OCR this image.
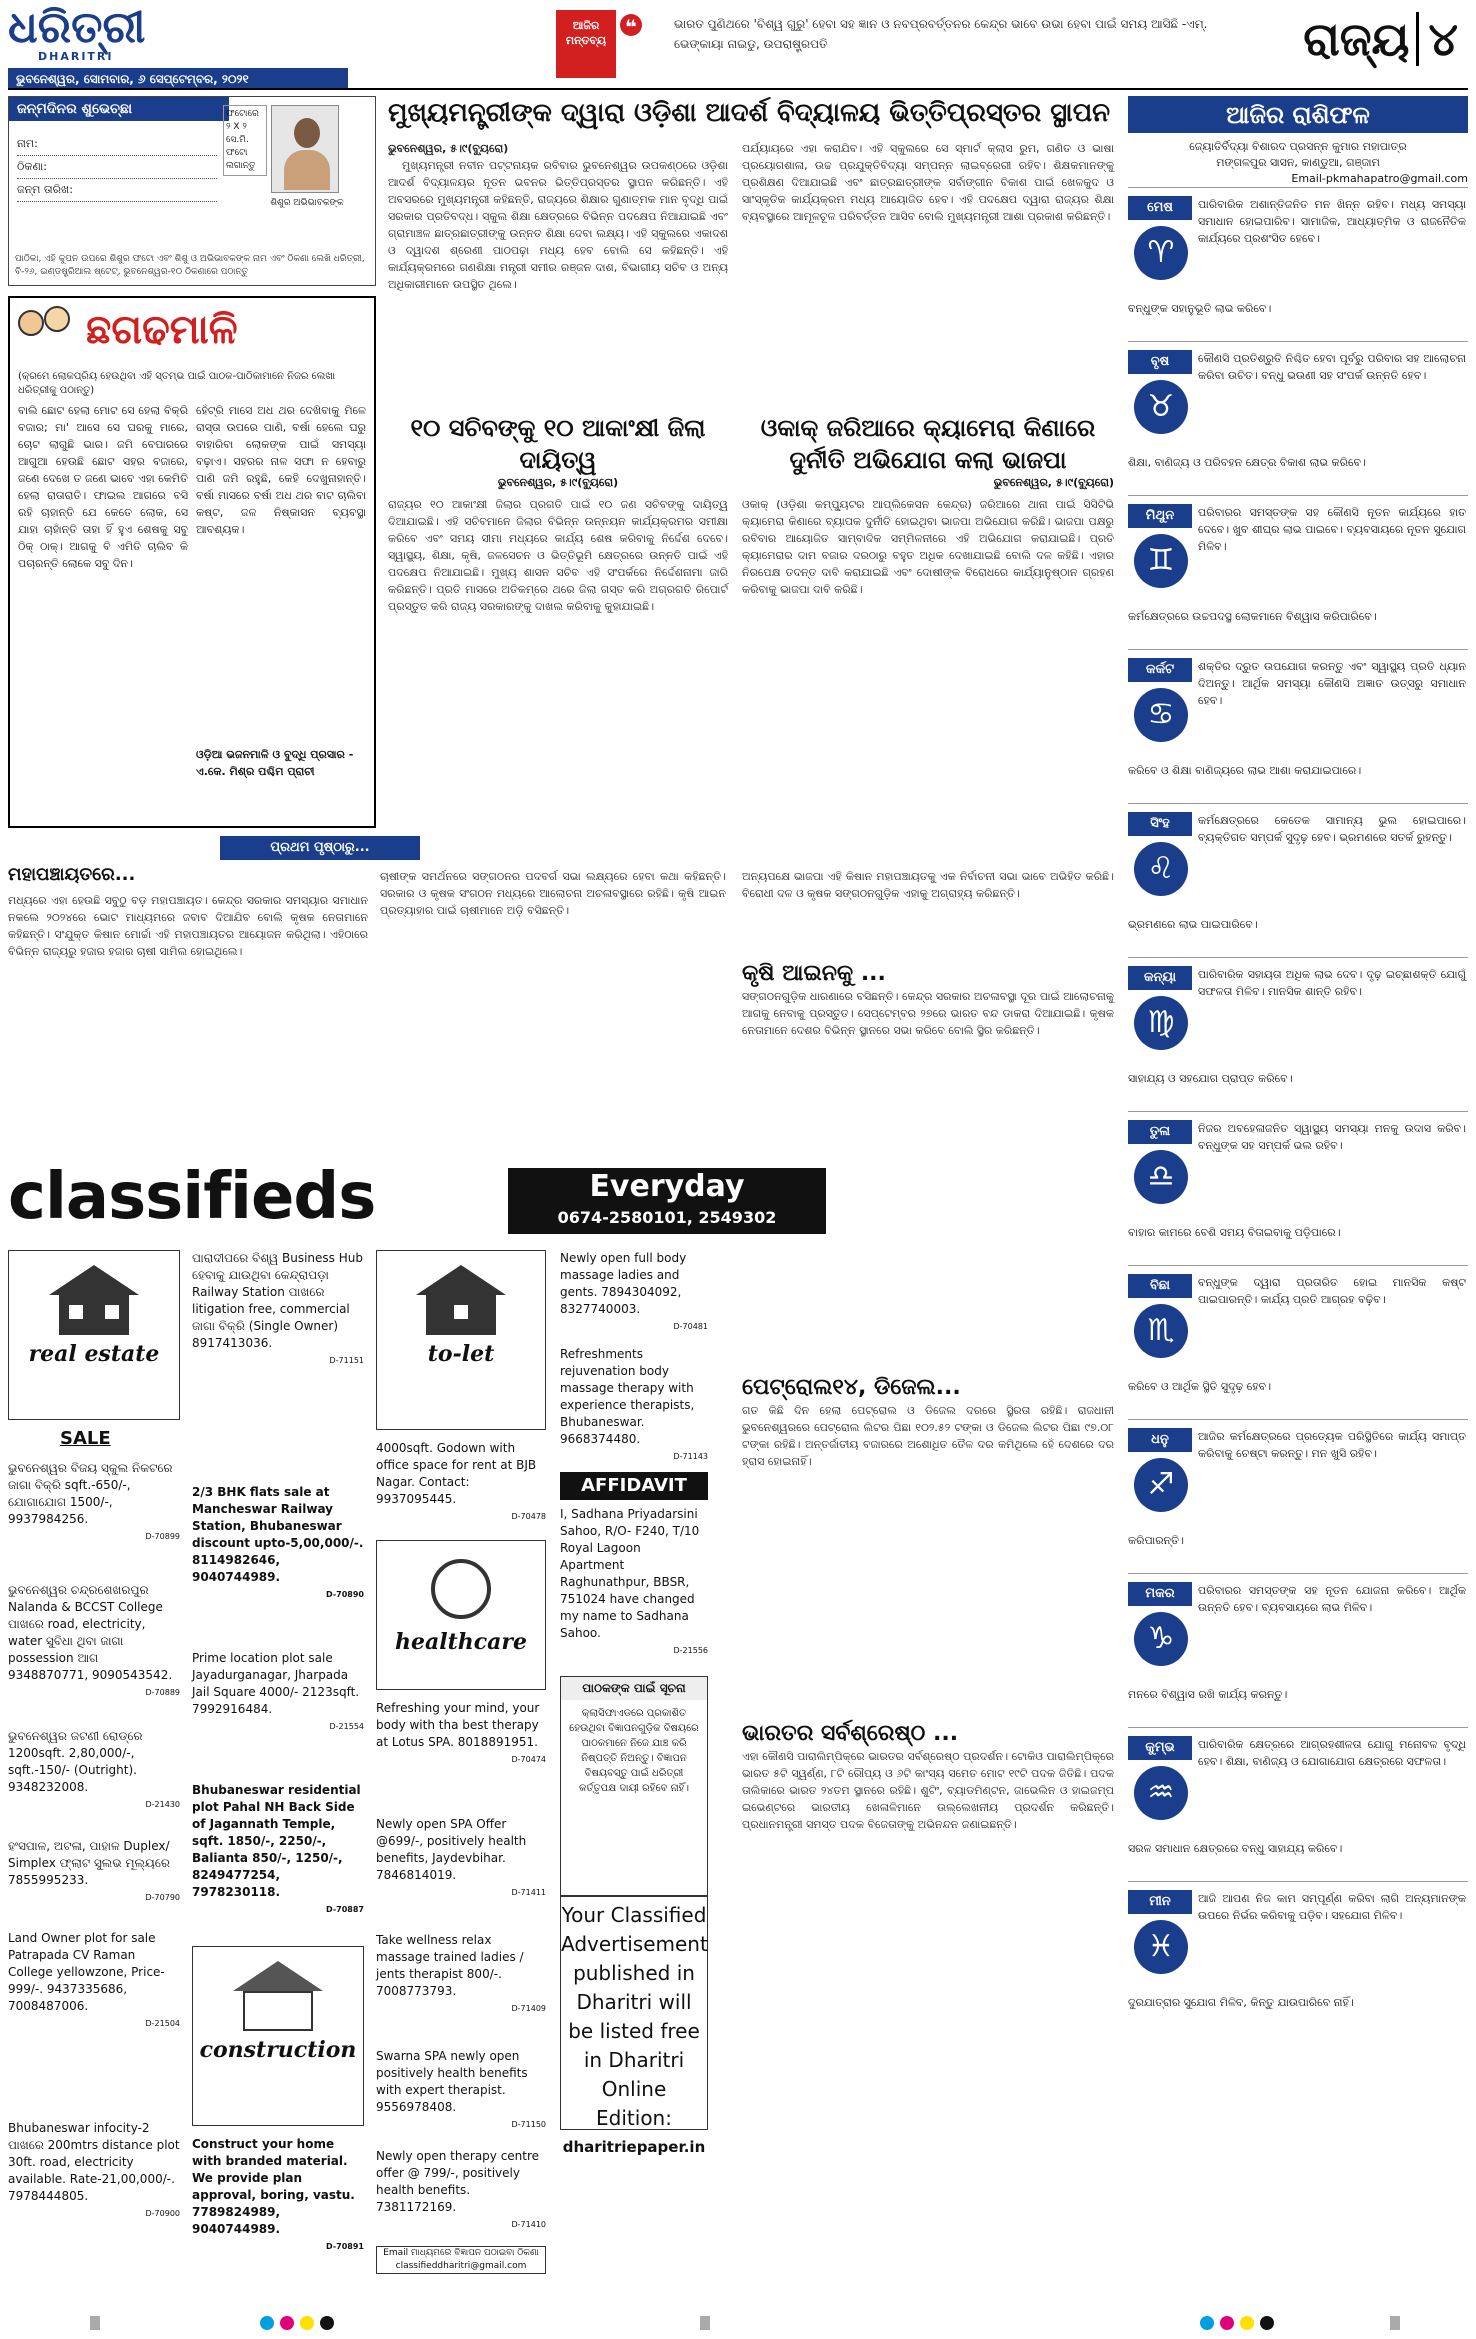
ଧରିତ୍ରୀ
DHARITRI
ଭୁବନେଶ୍ୱର, ସୋମବାର, ୬ ସେପ୍ଟେମ୍ବର, ୨୦୨୧
ଆଜିର ମନ୍ତବ୍ୟ
❝	ଭାରତ ପୁଣିଥରେ 'ବିଶ୍ୱ ଗୁରୁ' ହେବା ସହ ଜ୍ଞାନ ଓ ନବପ୍ରବର୍ତ୍ତନର କେନ୍ଦ୍ର ଭାବେ ଉଭା ହେବା ପାଇଁ ସମୟ ଆସିଛି -ଏମ୍. ଭେଙ୍କାୟା ନାଇଡୁ, ଉପରାଷ୍ଟ୍ରପତି	ରାଜ୍ୟ ୪
ଜନ୍ମଦିନର ଶୁଭେଚ୍ଛା
ନାମ:
ଠିକଣା:
ଜନ୍ମ ତାରିଖ:
ଫଟୋରେ ୨ X ୨ ସେ.ମି. ଫଟୋ ଲଗାନ୍ତୁ
ଶିଶୁର ଅଭିଭାବକଙ୍କ
ପାଠିକା, ଏହି କୁପନ ଉପରେ ଶିଶୁର ଫଟୋ ଏବଂ ଶିଶୁ ଓ ଅଭିଭାବକଙ୍କ ନାମ ଏବଂ ଠିକଣା ଲେଖି ଧରିତ୍ରୀ, ବି-୨୬, ଇଣ୍ଡଷ୍ଟ୍ରିଆଲ ଷ୍ଟେଟ୍, ଭୁବନେଶ୍ୱର-୧୦ ଠିକଣାରେ ପଠାନ୍ତୁ
ଛଗଢମାଳି
(କ୍ରମେ ଲୋକପ୍ରିୟ ହେଉଥିବା ଏହି ସ୍ତମ୍ଭ ପାଇଁ ପାଠକ-ପାଠିକାମାନେ ନିଜର ଲେଖା ଧରିତ୍ରୀକୁ ପଠାନ୍ତୁ)
ବାଲି ଛୋଟ ହେଲା ମୋଟ ସେ ହେଲା ବିକ୍ରି ବଜାର; ମା' ଆସେ ସେ ଘରକୁ ମାରେ, ଚୋଟ ଲାଗୁଛି ଭାର। ଜମି ବେପାରରେ ଆଗୁଆ ହେଉଛି ଛୋଟ ସହର ବଜାରେ, ଜଣେ ଦେଖେ ତ ଜଣେ ଭାବେ ଏହା କେମିତି ହେଲା ରାତାରାତି। ଫାଇଲ ଆଗରେ ବସି ରହି ଚାହାନ୍ତି ଯେ କେତେ ଲୋକ, ସେ ଯାହା ଚାହାଁନ୍ତି ତାହା ହିଁ ହୁଏ ଶେଷକୁ ସବୁ ଠିକ୍ ଠାକ୍। ଆଗକୁ ବି ଏମିତି ଚାଲିବ କି ପଚାରନ୍ତି ଲୋକେ ସବୁ ଦିନ।
ହେଁଟ୍ରି ମାସେ ଅଧ ଥର ଦେଖିବାକୁ ମିଳେ ରାସ୍ତା ଉପରେ ପାଣି, ବର୍ଷା ହେଲେ ଘରୁ ବାହାରିବା ଲୋକଙ୍କ ପାଇଁ ସମସ୍ୟା ବଢ଼ାଏ। ସହରର ନାଳ ସଫା ନ ହେବାରୁ ପାଣି ଜମି ରହୁଛି, କେହି ଦେଖୁନାହାନ୍ତି। ବର୍ଷା ମାସରେ ବର୍ଷା ଅଧ ଥର ବାଟ ଚାଲିବା କଷ୍ଟ, ଜଳ ନିଷ୍କାସନ ବ୍ୟବସ୍ଥା ଆବଶ୍ୟକ।
ଓଡ଼ିଆ ଭଜନମାଳି ଓ ବୁଦ୍ଧି ପ୍ରସାର - ଏ.କେ. ମିଶ୍ର ପଶ୍ଚିମ ପ୍ରାଚୀ
ମୁଖ୍ୟମନ୍ତ୍ରୀଙ୍କ ଦ୍ୱାରା ଓଡ଼ିଶା ଆଦର୍ଶ ବିଦ୍ୟାଳୟ ଭିତ୍ତିପ୍ରସ୍ତର ସ୍ଥାପନ
ଭୁବନେଶ୍ୱର, ୫।୯(ବ୍ୟୁରୋ)

ମୁଖ୍ୟମନ୍ତ୍ରୀ ନବୀନ ପଟ୍ଟନାୟକ ରବିବାର ଭୁବନେଶ୍ୱର ଉପକଣ୍ଠରେ ଓଡ଼ିଶା ଆଦର୍ଶ ବିଦ୍ୟାଳୟର ନୂତନ ଭବନର ଭିତ୍ତିପ୍ରସ୍ତର ସ୍ଥାପନ କରିଛନ୍ତି। ଏହି ଅବସରରେ ମୁଖ୍ୟମନ୍ତ୍ରୀ କହିଛନ୍ତି, ରାଜ୍ୟରେ ଶିକ୍ଷାର ଗୁଣାତ୍ମକ ମାନ ବୃଦ୍ଧି ପାଇଁ ସରକାର ପ୍ରତିବଦ୍ଧ। ସ୍କୁଲ ଶିକ୍ଷା କ୍ଷେତ୍ରରେ ବିଭିନ୍ନ ପଦକ୍ଷେପ ନିଆଯାଇଛି ଏବଂ ଗ୍ରାମାଞ୍ଚଳ ଛାତ୍ରଛାତ୍ରୀଙ୍କୁ ଉନ୍ନତ ଶିକ୍ଷା ଦେବା ଲକ୍ଷ୍ୟ। ଏହି ସ୍କୁଲରେ ଏକାଦଶ ଓ ଦ୍ୱାଦଶ ଶ୍ରେଣୀ ପାଠପଢ଼ା ମଧ୍ୟ ହେବ ବୋଲି ସେ କହିଛନ୍ତି। ଏହି କାର୍ଯ୍ୟକ୍ରମରେ ଗଣଶିକ୍ଷା ମନ୍ତ୍ରୀ ସମୀର ରଞ୍ଜନ ଦାଶ, ବିଭାଗୀୟ ସଚିବ ଓ ଅନ୍ୟ ଅଧିକାରୀମାନେ ଉପସ୍ଥିତ ଥିଲେ।

ପର୍ଯ୍ୟାୟରେ ଏହା କରାଯିବ। ଏହି ସ୍କୁଲରେ ସେ ସ୍ମାର୍ଟ କ୍ଲାସ ରୁମ, ଗଣିତ ଓ ଭାଷା ପ୍ରୟୋଗଶାଳା, ଉଚ୍ଚ ପ୍ରଯୁକ୍ତିବିଦ୍ୟା ସମ୍ପନ୍ନ ଲାଇବ୍ରେରୀ ରହିବ। ଶିକ୍ଷକମାନଙ୍କୁ ପ୍ରଶିକ୍ଷଣ ଦିଆଯାଇଛି ଏବଂ ଛାତ୍ରଛାତ୍ରୀଙ୍କ ସର୍ବାଙ୍ଗୀନ ବିକାଶ ପାଇଁ ଖେଳକୁଦ ଓ ସାଂସ୍କୃତିକ କାର୍ଯ୍ୟକ୍ରମ ମଧ୍ୟ ଆୟୋଜିତ ହେବ। ଏହି ପଦକ୍ଷେପ ଦ୍ୱାରା ରାଜ୍ୟର ଶିକ୍ଷା ବ୍ୟବସ୍ଥାରେ ଆମୂଳଚୂଳ ପରିବର୍ତ୍ତନ ଆସିବ ବୋଲି ମୁଖ୍ୟମନ୍ତ୍ରୀ ଆଶା ପ୍ରକାଶ କରିଛନ୍ତି।
୧୦ ସଚିବଙ୍କୁ ୧୦ ଆକାଂକ୍ଷୀ ଜିଲା ଦାୟିତ୍ୱ
ଭୁବନେଶ୍ୱର, ୫।୯(ବ୍ୟୁରୋ)
ରାଜ୍ୟର ୧୦ ଆକାଂକ୍ଷୀ ଜିଲାର ପ୍ରଗତି ପାଇଁ ୧୦ ଜଣ ସଚିବଙ୍କୁ ଦାୟିତ୍ୱ ଦିଆଯାଇଛି। ଏହି ସଚିବମାନେ ଜିଲାର ବିଭିନ୍ନ ଉନ୍ନୟନ କାର୍ଯ୍ୟକ୍ରମର ସମୀକ୍ଷା କରିବେ ଏବଂ ସମୟ ସୀମା ମଧ୍ୟରେ କାର୍ଯ୍ୟ ଶେଷ କରିବାକୁ ନିର୍ଦ୍ଦେଶ ଦେବେ। ସ୍ୱାସ୍ଥ୍ୟ, ଶିକ୍ଷା, କୃଷି, ଜଳସେଚନ ଓ ଭିତ୍ତିଭୂମି କ୍ଷେତ୍ରରେ ଉନ୍ନତି ପାଇଁ ଏହି ପଦକ୍ଷେପ ନିଆଯାଇଛି। ମୁଖ୍ୟ ଶାସନ ସଚିବ ଏହି ସଂପର୍କରେ ନିର୍ଦ୍ଦେଶନାମା ଜାରି କରିଛନ୍ତି। ପ୍ରତି ମାସରେ ଅତିକମ୍‌ରେ ଥରେ ଜିଲା ଗସ୍ତ କରି ଅଗ୍ରଗତି ରିପୋର୍ଟ ପ୍ରସ୍ତୁତ କରି ରାଜ୍ୟ ସରକାରଙ୍କୁ ଦାଖଲ କରିବାକୁ କୁହାଯାଇଛି।
ଓକାକ୍ ଜରିଆରେ କ୍ୟାମେରା କିଣାରେ ଦୁର୍ନୀତି ଅଭିଯୋଗ କଲା ଭାଜପା
ଭୁବନେଶ୍ୱର, ୫।୯(ବ୍ୟୁରୋ)
ଓକାକ୍ (ଓଡ଼ିଶା କମ୍ପ୍ୟୁଟର ଆପ୍ଲିକେସନ କେନ୍ଦ୍ର) ଜରିଆରେ ଥାନା ପାଇଁ ସିସିଟିଭି କ୍ୟାମେରା କିଣାରେ ବ୍ୟାପକ ଦୁର୍ନୀତି ହୋଇଥିବା ଭାଜପା ଅଭିଯୋଗ କରିଛି। ଭାଜପା ପକ୍ଷରୁ ରବିବାର ଆୟୋଜିତ ସାମ୍ବାଦିକ ସମ୍ମିଳନୀରେ ଏହି ଅଭିଯୋଗ କରାଯାଇଛି। ପ୍ରତି କ୍ୟାମେରାର ଦାମ ବଜାର ଦରଠାରୁ ବହୁତ ଅଧିକ ଦେଖାଯାଇଛି ବୋଲି ଦଳ କହିଛି। ଏହାର ନିରପେକ୍ଷ ତଦନ୍ତ ଦାବି କରାଯାଇଛି ଏବଂ ଦୋଷୀଙ୍କ ବିରୋଧରେ କାର୍ଯ୍ୟାନୁଷ୍ଠାନ ଗ୍ରହଣ କରିବାକୁ ଭାଜପା ଦାବି କରିଛି।
ପ୍ରଥମ ପୃଷ୍ଠାରୁ...
ମହାପଞ୍ଚାୟତରେ...
ମଧ୍ୟରେ ଏହା ହେଉଛି ସବୁଠୁ ବଡ଼ ମହାପଞ୍ଚାୟତ। କେନ୍ଦ୍ର ସରକାର ସମସ୍ୟାର ସମାଧାନ ନକଲେ ୨୦୨୪ରେ ଭୋଟ ମାଧ୍ୟମରେ ଜବାବ ଦିଆଯିବ ବୋଲି କୃଷକ ନେତାମାନେ କହିଛନ୍ତି। ସଂଯୁକ୍ତ କିଷାନ ମୋର୍ଚ୍ଚା ଏହି ମହାପଞ୍ଚାୟତର ଆୟୋଜନ କରିଥିଲା। ଏହିଠାରେ ବିଭିନ୍ନ ରାଜ୍ୟରୁ ହଜାର ହଜାର ଚାଷୀ ସାମିଲ ହୋଇଥିଲେ।
ଚାଷୀଙ୍କ ସମର୍ଥନରେ ସଙ୍ଗଠନର ପଦବର୍ଗ ସଭା ଲକ୍ଷ୍ୟରେ ହେବା କଥା କହିଛନ୍ତି। ସରକାର ଓ କୃଷକ ସଂଗଠନ ମଧ୍ୟରେ ଆଲୋଚନା ଅଚଳାବସ୍ଥାରେ ରହିଛି। କୃଷି ଆଇନ ପ୍ରତ୍ୟାହାର ପାଇଁ ଚାଷୀମାନେ ଅଡ଼ି ବସିଛନ୍ତି।
ଅନ୍ୟପକ୍ଷେ ଭାଜପା ଏହି କିଷାନ ମହାପଞ୍ଚାୟତକୁ ଏକ ନିର୍ବାଚନୀ ସଭା ଭାବେ ଅଭିହିତ କରିଛି। ବିରୋଧୀ ଦଳ ଓ କୃଷକ ସଙ୍ଗଠନଗୁଡ଼ିକ ଏହାକୁ ଅଗ୍ରାହ୍ୟ କରିଛନ୍ତି।
କୃଷି ଆଇନକୁ ...
ସଙ୍ଗଠନଗୁଡ଼ିକ ଧାରଣାରେ ବସିଛନ୍ତି। କେନ୍ଦ୍ର ସରକାର ଅଚଳାବସ୍ଥା ଦୂର ପାଇଁ ଆଲୋଚନାକୁ ଆଗକୁ ନେବାକୁ ପ୍ରସ୍ତୁତ। ସେପ୍ଟେମ୍ବର ୨୭ରେ ଭାରତ ବନ୍ଦ ଡାକରା ଦିଆଯାଇଛି। କୃଷକ ନେତାମାନେ ଦେଶର ବିଭିନ୍ନ ସ୍ଥାନରେ ସଭା କରିବେ ବୋଲି ସ୍ଥିର କରିଛନ୍ତି।
ପେଟ୍ରୋଲ୧୪, ଡିଜେଲ...
ଗତ କିଛି ଦିନ ହେଲା ପେଟ୍ରୋଲ ଓ ଡିଜେଲ ଦରରେ ସ୍ଥିରତା ରହିଛି। ରାଜଧାନୀ ଭୁବନେଶ୍ୱରରେ ପେଟ୍ରୋଲ ଲିଟର ପିଛା ୧୦୨.୫୨ ଟଙ୍କା ଓ ଡିଜେଲ ଲିଟର ପିଛା ୯୭.୦୮ ଟଙ୍କା ରହିଛି। ଅନ୍ତର୍ଜାତୀୟ ବଜାରରେ ଅଶୋଧିତ ତୈଳ ଦର କମିଥିଲେ ହେଁ ଦେଶରେ ଦର ହ୍ରାସ ହୋଇନାହିଁ।
ଭାରତର ସର୍ବଶ୍ରେଷ୍ଠ ...
ଏହା କୌଣସି ପାରାଲିମ୍ପିକ୍‌ରେ ଭାରତର ସର୍ବଶ୍ରେଷ୍ଠ ପ୍ରଦର୍ଶନ। ଟୋକିଓ ପାରାଲିମ୍ପିକ୍‌ରେ ଭାରତ ୫ଟି ସ୍ୱର୍ଣ୍ଣ, ୮ଟି ରୌପ୍ୟ ଓ ୬ଟି କାଂସ୍ୟ ସମେତ ମୋଟ ୧୯ଟି ପଦକ ଜିତିଛି। ପଦକ ତାଲିକାରେ ଭାରତ ୨୪ତମ ସ୍ଥାନରେ ରହିଛି। ଶୁଟିଂ, ବ୍ୟାଡମିଣ୍ଟନ, ଜାଭେଲିନ ଓ ହାଇଜମ୍ପ ଇଭେଣ୍ଟରେ ଭାରତୀୟ ଖେଳାଳିମାନେ ଉଲ୍ଲେଖନୀୟ ପ୍ରଦର୍ଶନ କରିଛନ୍ତି। ପ୍ରଧାନମନ୍ତ୍ରୀ ସମସ୍ତ ପଦକ ବିଜେତାଙ୍କୁ ଅଭିନନ୍ଦନ ଜଣାଇଛନ୍ତି।
classifieds	Everyday
0674-2580101, 2549302
real estate
SALE
ଭୁବନେଶ୍ୱର ବିଜୟ ସ୍କୁଲ ନିକଟରେ ଜାଗା ବିକ୍ରି sqft.-650/-, ଯୋଗାଯୋଗ 1500/-, 9937984256.
D-70899
ଭୁବନେଶ୍ୱର ଚନ୍ଦ୍ରଶେଖରପୁର Nalanda & BCCST College ପାଖରେ road, electricity, water ସୁବିଧା ଥିବା ଜାଗା possession ଆଗ 9348870771, 9090543542.
D-70889
ଭୁବନେଶ୍ୱର ଜଟଣୀ ରୋଡ୍‌ରେ 1200sqft. 2,80,000/-, sqft.-150/- (Outright). 9348232008.
D-21430
ହଂସପାଳ, ଅଟଳା, ପାହାଳ Duplex/ Simplex ଫ୍ଲାଟ ସୁଲଭ ମୂଲ୍ୟରେ 7855995233.
D-70790
Land Owner plot for sale Patrapada CV Raman College yellowzone, Price-999/-. 9437335686, 7008487006.
D-21504
Bhubaneswar infocity-2 ପାଖରେ 200mtrs distance plot 30ft. road, electricity available. Rate-21,00,000/-. 7978444805.
D-70900
ପାରାଦୀପରେ ବିଶ୍ୱ Business Hub ହେବାକୁ ଯାଉଥିବା କେନ୍ଦ୍ରାପଡ଼ା Railway Station ପାଖରେ litigation free, commercial ଜାଗା ବିକ୍ରି (Single Owner) 8917413036.
D-71151
2/3 BHK flats sale at Mancheswar Railway Station, Bhubaneswar discount upto-5,00,000/-. 8114982646, 9040744989.
D-70890
Prime location plot sale Jayadurganagar, Jharpada Jail Square 4000/- 2123sqft. 7992916484.
D-21554
Bhubaneswar residential plot Pahal NH Back Side of Jagannath Temple, sqft. 1850/-, 2250/-, Balianta 850/-, 1250/-, 8249477254, 7978230118.
D-70887
construction
Construct your home with branded material. We provide plan approval, boring, vastu. 7789824989, 9040744989.
D-70891
to-let
4000sqft. Godown with office space for rent at BJB Nagar. Contact: 9937095445.
D-70478
healthcare
Refreshing your mind, your body with tha best therapy at Lotus SPA. 8018891951.
D-70474
Newly open SPA Offer @699/-, positively health benefits, Jaydevbihar. 7846814019.
D-71411
Take wellness relax massage trained ladies / jents therapist 800/-. 7008773793.
D-71409
Swarna SPA newly open positively health benefits with expert therapist. 9556978408.
D-71150
Newly open therapy centre offer @ 799/-, positively health benefits. 7381172169.
D-71410
Email ମାଧ୍ୟମରେ ବିଜ୍ଞାପନ ପଠାଇବା ଠିକଣା
classifieddharitri@gmail.com
Newly open full body massage ladies and gents. 7894304092, 8327740003.
D-70481
Refreshments rejuvenation body massage therapy with experience therapists, Bhubaneswar. 9668374480.
D-71143
AFFIDAVIT
I, Sadhana Priyadarsini Sahoo, R/O- F240, T/10 Royal Lagoon Apartment Raghunathpur, BBSR, 751024 have changed my name to Sadhana Sahoo.
D-21556
ପାଠକଙ୍କ ପାଇଁ ସୂଚନା
କ୍ଲାସିଫାଏଡରେ ପ୍ରକାଶିତ ହେଉଥିବା ବିଜ୍ଞାପନଗୁଡ଼ିକ ବିଷୟରେ ପାଠକମାନେ ନିଜେ ଯାଞ୍ଚ କରି ନିଷ୍ପତ୍ତି ନିଅନ୍ତୁ। ବିଜ୍ଞାପନ ବିଷୟବସ୍ତୁ ପାଇଁ ଧରିତ୍ରୀ କର୍ତ୍ତୃପକ୍ଷ ଦାୟୀ ରହିବେ ନାହିଁ।
Your Classified Advertisement published in Dharitri will be listed free in Dharitri Online Edition:
dharitriepaper.in
ଆଜିର ରାଶିଫଳ
ଜ୍ୟୋତିର୍ବିଦ୍ୟା ବିଶାରଦ ପ୍ରସନ୍ନ କୁମାର ମହାପାତ୍ର
ମଙ୍ଗଳପୁର ସାସନ, କାଣ୍ଡୁଆ, ଗଞ୍ଜାମ
Email-pkmahapatro@gmail.com
ମେଷ
♈
ପାରିବାରିକ ଅଶାନ୍ତିଜନିତ ମନ ଖିନ୍ନ ରହିବ। ମଧ୍ୟ ସମସ୍ୟା ସମାଧାନ ହୋଇପାରିବ। ସାମାଜିକ, ଆଧ୍ୟାତ୍ମିକ ଓ ରାଜନୈତିକ କାର୍ଯ୍ୟରେ ପ୍ରଶଂସିତ ହେବେ।
ବନ୍ଧୁଙ୍କ ସହାନୁଭୂତି ଲାଭ କରିବେ।
ବୃଷ
♉
କୌଣସି ପ୍ରତିଶ୍ରୁତି ନିଶ୍ଚିତ ହେବା ପୂର୍ବରୁ ପରିବାର ସହ ଆଲୋଚନା କରିବା ଉଚିତ। ବନ୍ଧୁ ଭଉଣୀ ସହ ସଂପର୍କ ଉନ୍ନତି ହେବ।
ଶିକ୍ଷା, ବାଣିଜ୍ୟ ଓ ପରିବହନ କ୍ଷେତ୍ର ବିକାଶ ଲାଭ କରିବେ।
ମିଥୁନ
♊
ପରିବାରର ସମସ୍ତଙ୍କ ସହ କୌଣସି ନୂତନ କାର୍ଯ୍ୟରେ ହାତ ଦେବେ। ଖୁବ ଶୀଘ୍ର ଲାଭ ପାଇବେ। ବ୍ୟବସାୟରେ ନୂତନ ସୁଯୋଗ ମିଳିବ।
କର୍ମକ୍ଷେତ୍ରରେ ଉଚ୍ଚପଦସ୍ଥ ଲୋକମାନେ ବିଶ୍ୱାସ କରିପାରିବେ।
କର୍କଟ
♋
ଶକ୍ତିର ଦ୍ରୁତ ଉପଯୋଗ କରନ୍ତୁ ଏବଂ ସ୍ୱାସ୍ଥ୍ୟ ପ୍ରତି ଧ୍ୟାନ ଦିଅନ୍ତୁ। ଆର୍ଥିକ ସମସ୍ୟା କୌଣସି ଅଜ୍ଞାତ ଉତ୍ସରୁ ସମାଧାନ ହେବ।
କରିବେ ଓ ଶିକ୍ଷା ବାଣିଜ୍ୟରେ ଲାଭ ଆଶା କରାଯାଇପାରେ।
ସିଂହ
♌
କର୍ମକ୍ଷେତ୍ରରେ କେତେକ ସାମାନ୍ୟ ଭୁଲ ହୋଇପାରେ। ବ୍ୟକ୍ତିଗତ ସମ୍ପର୍କ ସୁଦୃଢ଼ ହେବ। ଭ୍ରମଣରେ ସତର୍କ ରୁହନ୍ତୁ।
ଭ୍ରମଣରେ ଲାଭ ପାଇପାରିବେ।
କନ୍ୟା
♍
ପାରିବାରିକ ସହାୟତା ଅଧିକ ଲାଭ ଦେବ। ଦୃଢ଼ ଇଚ୍ଛାଶକ୍ତି ଯୋଗୁଁ ସଫଳତା ମିଳିବ। ମାନସିକ ଶାନ୍ତି ରହିବ।
ସାହାଯ୍ୟ ଓ ସହଯୋଗ ପ୍ରାପ୍ତ କରିବେ।
ତୁଳା
♎
ନିଜର ଅବହେଳାଜନିତ ସ୍ୱାସ୍ଥ୍ୟ ସମସ୍ୟା ମନକୁ ଉଦାସ କରିବ। ବନ୍ଧୁଙ୍କ ସହ ସମ୍ପର୍କ ଭଲ ରହିବ।
ବାହାର କାମରେ ବେଶି ସମୟ ବିତାଇବାକୁ ପଡ଼ିପାରେ।
ବିଛା
♏
ବନ୍ଧୁଙ୍କ ଦ୍ୱାରା ପ୍ରତାରିତ ହୋଇ ମାନସିକ କଷ୍ଟ ପାଇପାରନ୍ତି। କାର୍ଯ୍ୟ ପ୍ରତି ଆଗ୍ରହ ବଢ଼ିବ।
କରିବେ ଓ ଆର୍ଥିକ ସ୍ଥିତି ସୁଦୃଢ଼ ହେବ।
ଧନୁ
♐
ଆଜିର କର୍ମକ୍ଷେତ୍ରରେ ପ୍ରତ୍ୟେକ ପରିସ୍ଥିତିରେ କାର୍ଯ୍ୟ ସମାପ୍ତ କରିବାକୁ ଚେଷ୍ଟା କରନ୍ତୁ। ମନ ଖୁସି ରହିବ।
କରିପାରନ୍ତି।
ମକର
♑
ପରିବାରର ସମସ୍ତଙ୍କ ସହ ନୂତନ ଯୋଜନା କରିବେ। ଆର୍ଥିକ ଉନ୍ନତି ହେବ। ବ୍ୟବସାୟରେ ଲାଭ ମିଳିବ।
ମନରେ ବିଶ୍ୱାସ ରଖି କାର୍ଯ୍ୟ କରନ୍ତୁ।
କୁମ୍ଭ
♒
ପାରିବାରିକ କ୍ଷେତ୍ରରେ ଆଗ୍ରହଶୀଳତା ଯୋଗୁ ମନୋବଳ ବୃଦ୍ଧି ହେବ। ଶିକ୍ଷା, ବାଣିଜ୍ୟ ଓ ଯୋଗାଯୋଗ କ୍ଷେତ୍ରରେ ସଫଳତା।
ସରଳ ସମାଧାନ କ୍ଷେତ୍ରରେ ବନ୍ଧୁ ସାହାଯ୍ୟ କରିବେ।
ମୀନ
♓
ଆଜି ଆପଣ ନିଜ କାମ ସମ୍ପୂର୍ଣ୍ଣ କରିବା ଲାଗି ଅନ୍ୟମାନଙ୍କ ଉପରେ ନିର୍ଭର କରିବାକୁ ପଡ଼ିବ। ସହଯୋଗ ମିଳିବ।
ଦୁରଯାତ୍ରାର ସୁଯୋଗ ମିଳିବ, କିନ୍ତୁ ଯାଉପାରିବେ ନାହିଁ।
